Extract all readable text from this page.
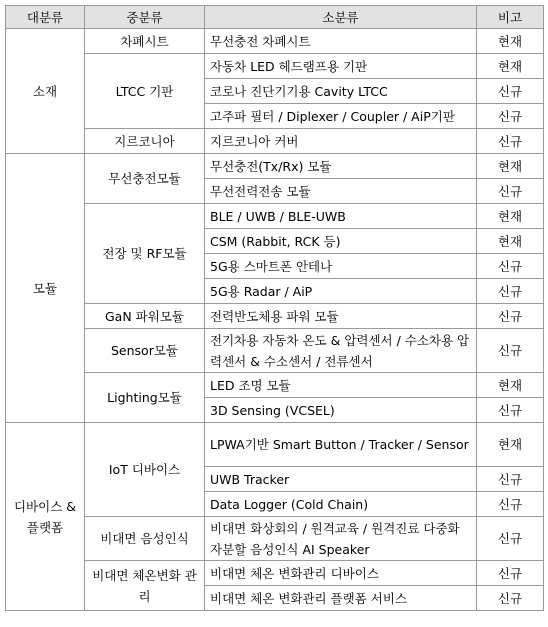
대분류	중분류	소분류	비고
소재	차폐시트	무선충전 차폐시트	현재
	LTCC 기판	자동차 LED 헤드램프용 기판	현재
		코로나 진단기기용 Cavity LTCC	신규
		고주파 필터 / Diplexer / Coupler / AiP기판	신규
	지르코니아	지르코니아 커버	신규
모듈	무선충전모듈	무선충전(Tx/Rx) 모듈	현재
		무선전력전송 모듈	신규
	전장 및 RF모듈	BLE / UWB / BLE-UWB	현재
		CSM (Rabbit, RCK 등)	현재
		5G용 스마트폰 안테나	신규
		5G용 Radar / AiP	신규
	GaN 파워모듈	전력반도체용 파워 모듈	신규
	Sensor모듈	전기차용 자동차 온도 & 압력센서 / 수소차용 압력센서 & 수소센서 / 전류센서	신규
	Lighting모듈	LED 조명 모듈	현재
		3D Sensing (VCSEL)	신규
디바이스 & 플랫폼	IoT 디바이스	LPWA기반 Smart Button / Tracker / Sensor	현재
		UWB Tracker	신규
		Data Logger (Cold Chain)	신규
	비대면 음성인식	비대면 화상회의 / 원격교육 / 원격진료 다중화자분할 음성인식 AI Speaker	신규
	비대면 체온변화 관리	비대면 체온 변화관리 디바이스	신규
		비대면 체온 변화관리 플랫폼 서비스	신규
